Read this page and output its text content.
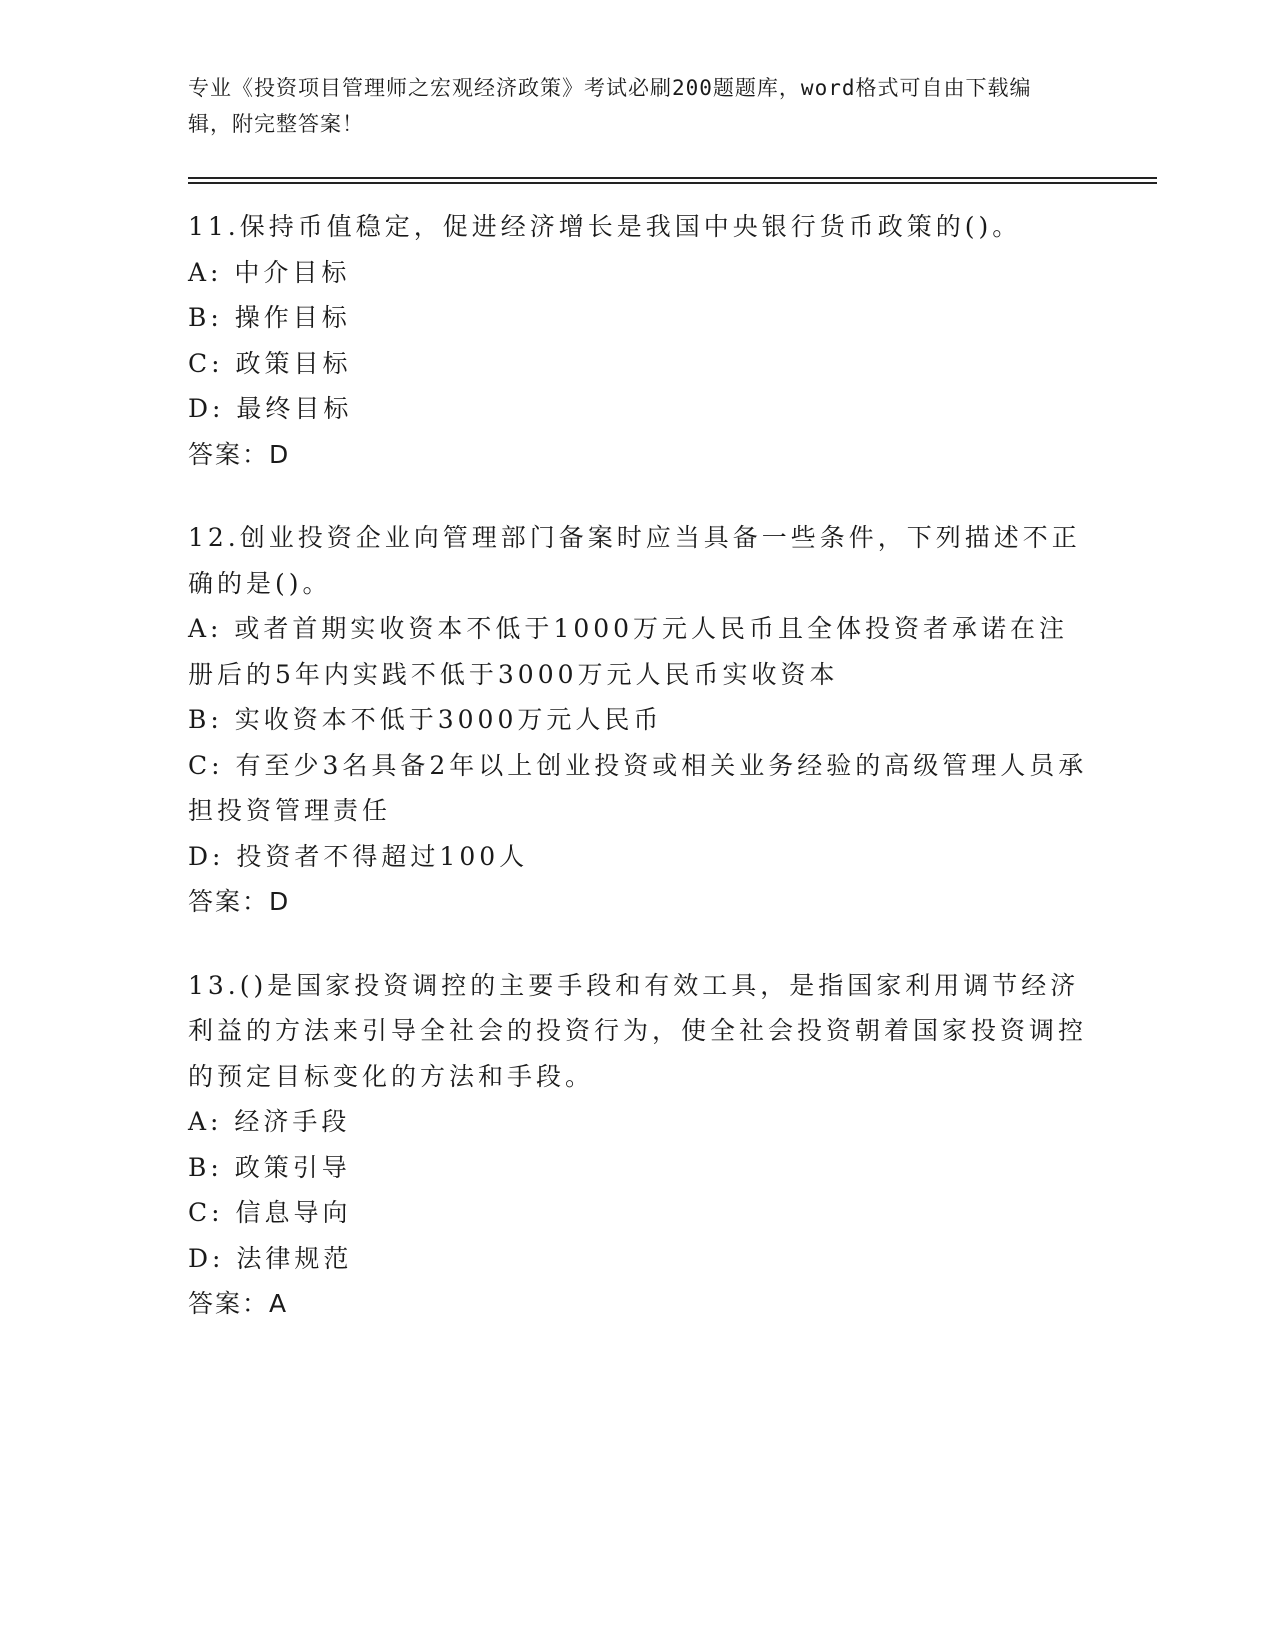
专业《投资项目管理师之宏观经济政策》考试必刷200题题库，word格式可自由下载编辑，附完整答案！
11.保持币值稳定，促进经济增长是我国中央银行货币政策的()。
A: 中介目标
B: 操作目标
C: 政策目标
D: 最终目标
答案：D
12.创业投资企业向管理部门备案时应当具备一些条件，下列描述不正确的是()。
A: 或者首期实收资本不低于1000万元人民币且全体投资者承诺在注册后的5年内实践不低于3000万元人民币实收资本
B: 实收资本不低于3000万元人民币
C: 有至少3名具备2年以上创业投资或相关业务经验的高级管理人员承担投资管理责任
D: 投资者不得超过100人
答案：D
13.()是国家投资调控的主要手段和有效工具，是指国家利用调节经济利益的方法来引导全社会的投资行为，使全社会投资朝着国家投资调控的预定目标变化的方法和手段。
A: 经济手段
B: 政策引导
C: 信息导向
D: 法律规范
答案：A
